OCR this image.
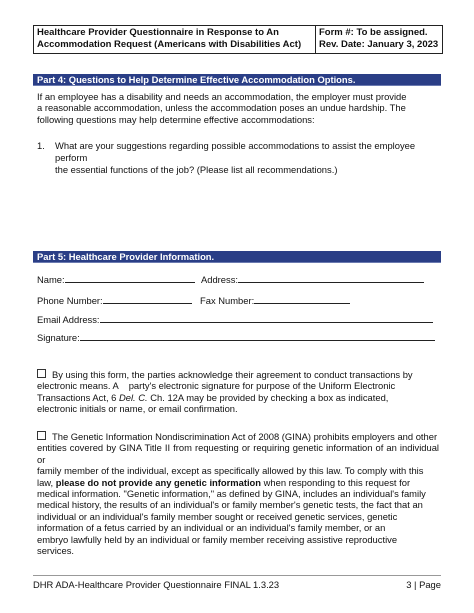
Healthcare Provider Questionnaire in Response to An
Accommodation Request (Americans with Disabilities Act)
Form #: To be assigned.
Rev. Date: January 3, 2023
Part 4: Questions to Help Determine Effective Accommodation Options.
If an employee has a disability and needs an accommodation, the employer must provide
a reasonable accommodation, unless the accommodation poses an undue hardship. The
following questions may help determine effective accommodations:
1. What are your suggestions regarding possible accommodations to assist the employee perform
the essential functions of the job? (Please list all recommendations.)
Part 5: Healthcare Provider Information.
Name:	Address:
Phone Number:	Fax Number:
Email Address:
Signature:
By using this form, the parties acknowledge their agreement to conduct transactions by
electronic means. A    party's electronic signature for purpose of the Uniform Electronic
Transactions Act, 6 Del. C. Ch. 12A may be provided by checking a box as indicated,
electronic initials or name, or email confirmation.
The Genetic Information Nondiscrimination Act of 2008 (GINA) prohibits employers and other
entities covered by GINA Title II from requesting or requiring genetic information of an individual or
family member of the individual, except as specifically allowed by this law. To comply with this
law, please do not provide any genetic information when responding to this request for
medical information. "Genetic information," as defined by GINA, includes an individual's family
medical history, the results of an individual's or family member's genetic tests, the fact that an
individual or an individual's family member sought or received genetic services, genetic
information of a fetus carried by an individual or an individual's family member, or an
embryo lawfully held by an individual or family member receiving assistive reproductive
services.
DHR ADA-Healthcare Provider Questionnaire FINAL 1.3.23	3 | Page
